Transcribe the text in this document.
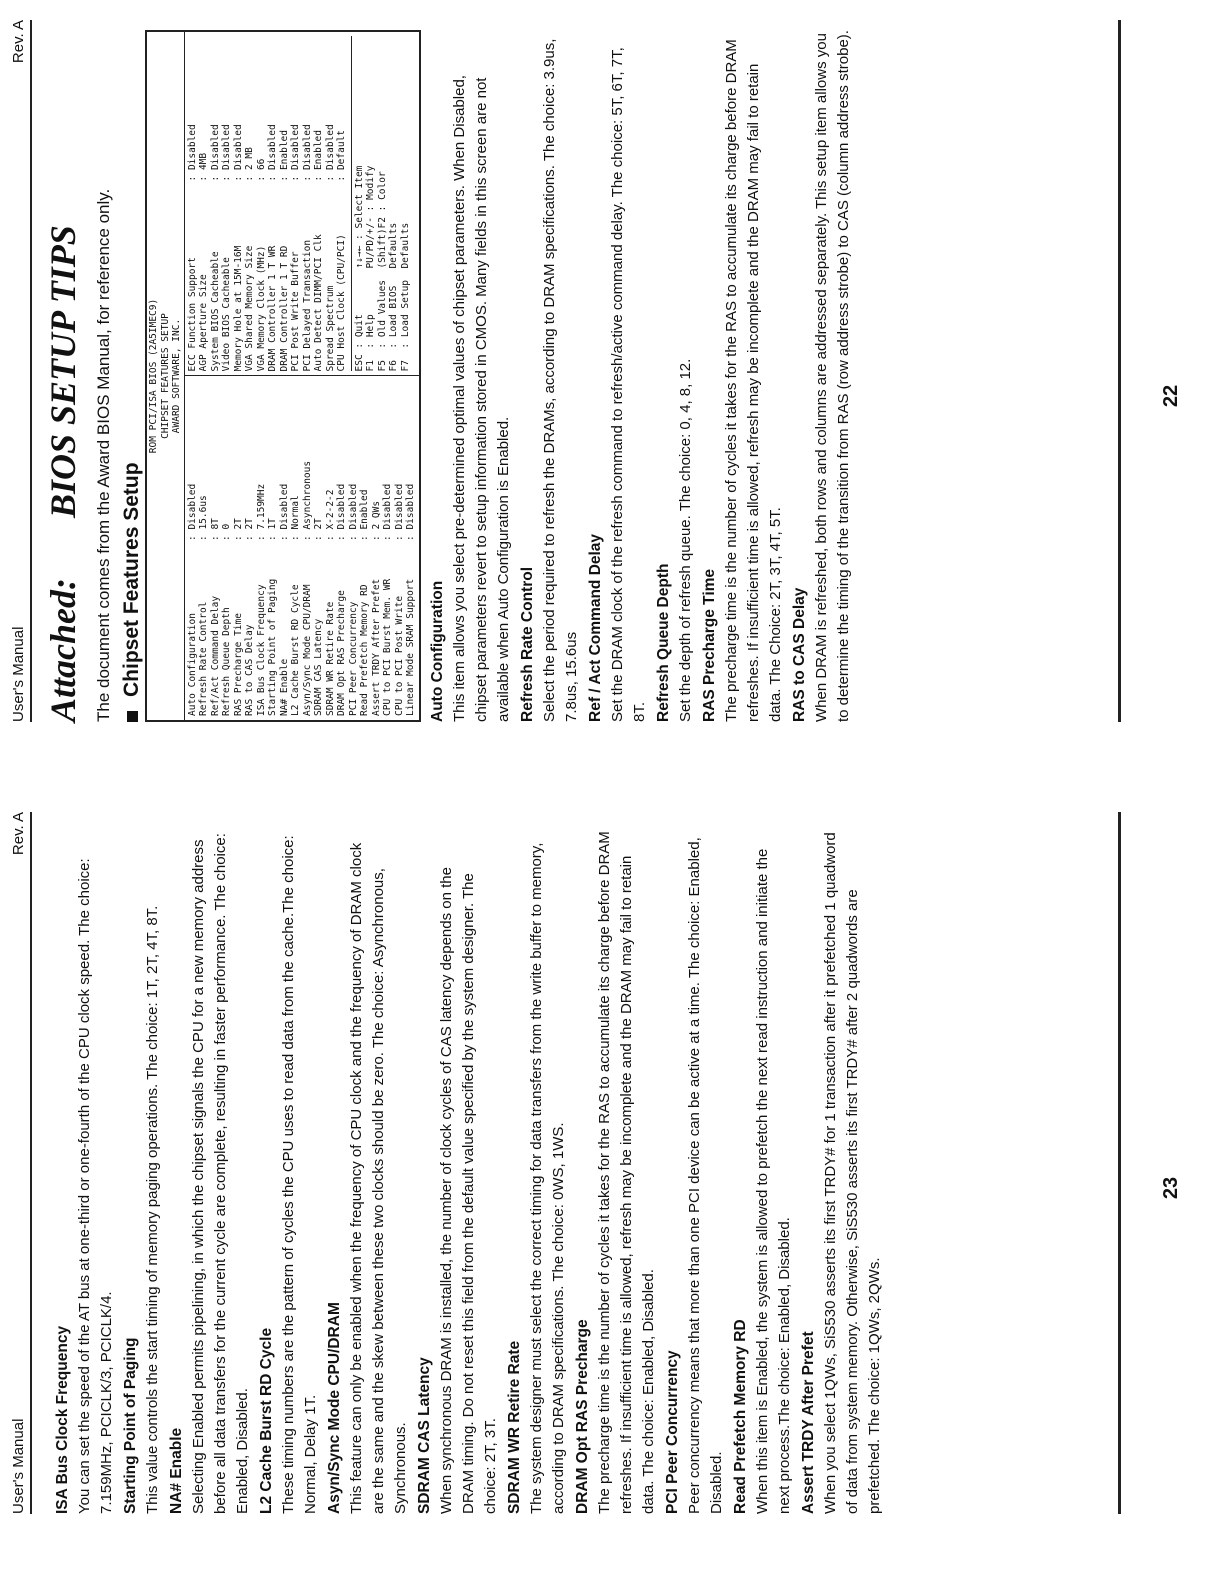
User's Manual
Rev. A
Attached:BIOS SETUP TIPS The document comes from the Award BIOS Manual, for reference only. Chipset Features Setup
ROM PCI/ISA BIOS (2A5IMEC9) CHIPSET FEATURES SETUP AWARD SOFTWARE, INC.
Auto Configuration
: Disabled
Refresh Rate Control
: 15.6us
Ref/Act Command Delay
: 8T
Refresh Queue Depth
: 0
RAS Precharge Time
: 2T
RAS to CAS Delay
: 2T
ISA Bus Clock Frequency
: 7.159MHz
Starting Point of Paging
: 1T
NA# Enable
: Disabled
L2 Cache Burst RD Cycle
: Normal
Asyn/Sync Mode CPU/DRAM
: Asynchronous
SDRAM CAS Latency
: 2T
SDRAM WR Retire Rate
: X-2-2-2
DRAM Opt RAS Precharge
: Disabled
PCI Peer Concurrency
: Disabled
Read Prefetch Memory RD
: Enabled
Assert TRDY After Prefet
: 2 QWs
CPU to PCI Burst Mem. WR
: Disabled
CPU to PCI Post Write
: Disabled
Linear Mode SRAM Support
: Disabled
ECC Function Support
: Disabled
AGP Aperture Size
: 4MB
System BIOS Cacheable
: Disabled
Video BIOS Cacheable
: Disabled
Memory Hole at 15M-16M
: Disabled
VGA Shared Memory Size
: 2 MB
VGA Memory Clock (MHz)
: 66
DRAM Controller 1 T WR
: Disabled
DRAM Controller 1 T RD
: Enabled
PCI Post Write Buffer
: Disabled
PCI Delayed Transaction
: Disabled
Auto Detect DIMM/PCI Clk
: Enabled
Spread Spectrum
: Disabled
CPU Host Clock (CPU/PCI)
: Default
ESC : Quit        ↑↓→← : Select Item F1  : Help        PU/PD/+/- : Modify F5  : Old Values  (Shift)F2 : Color F6  : Load BIOS   Defaults F7  : Load Setup  Defaults
Auto Configuration This item allows you select pre-determined optimal values of chipset parameters. When Disabled, chipset parameters revert to setup information stored in CMOS. Many fields in this screen are not available when Auto Configuration is Enabled. Refresh Rate Control Select the period required to refresh the DRAMs, according to DRAM specifications. The choice: 3.9us, 7.8us, 15.6us Ref / Act Command Delay Set the DRAM clock of the refresh command to refresh/active command delay. The choice: 5T, 6T, 7T, 8T. Refresh Queue Depth Set the depth of refresh queue. The choice: 0, 4, 8, 12. RAS Precharge Time The precharge time is the number of cycles it takes for the RAS to accumulate its charge before DRAM refreshes. If insufficient time is allowed, refresh may be incomplete and the DRAM may fail to retain data. The Choice: 2T, 3T, 4T, 5T. RAS to CAS Delay When DRAM is refreshed, both rows and columns are addressed separately. This setup item allows you to determine the timing of the transition from RAS (row address strobe) to CAS (column address strobe).	22
User's Manual
Rev. A
ISA Bus Clock Frequency You can set the speed of the AT bus at one-third or one-fourth of the CPU clock speed. The choice: 7.159MHz, PCICLK/3, PCICLK/4. Starting Point of Paging This value controls the start timing of memory paging operations. The choice: 1T, 2T, 4T, 8T. NA# Enable Selecting Enabled permits pipelining, in which the chipset signals the CPU for a new memory address before all data transfers for the current cycle are complete, resulting in faster performance. The choice: Enabled, Disabled. L2 Cache Burst RD Cycle These timing numbers are the pattern of cycles the CPU uses to read data from the cache.The choice: Normal, Delay 1T. Asyn/Sync Mode CPU/DRAM This feature can only be enabled when the frequency of CPU clock and the frequency of DRAM clock are the same and the skew between these two clocks should be zero. The choice: Asynchronous, Synchronous. SDRAM CAS Latency When synchronous DRAM is installed, the number of clock cycles of CAS latency depends on the DRAM timing. Do not reset this field from the default value specified by the system designer. The choice: 2T, 3T. SDRAM WR Retire Rate The system designer must select the correct timing for data transfers from the write buffer to memory, according to DRAM specifications. The choice: 0WS, 1WS. DRAM Opt RAS Precharge The precharge time is the number of cycles it takes for the RAS to accumulate its charge before DRAM refreshes. If insufficient time is allowed, refresh may be incomplete and the DRAM may fail to retain data. The choice: Enabled, Disabled. PCI Peer Concurrency Peer concurrency means that more than one PCI device can be active at a time. The choice: Enabled, Disabled. Read Prefetch Memory RD When this item is Enabled, the system is allowed to prefetch the next read instruction and initiate the next process.The choice: Enabled, Disabled. Assert TRDY After Prefet When you select 1QWs, SiS530 asserts its first TRDY# for 1 transaction after it prefetched 1 quadword of data from system memory. Otherwise, SiS530 asserts its first TRDY# after 2 quadwords are prefetched. The choice: 1QWs, 2QWs.

23
